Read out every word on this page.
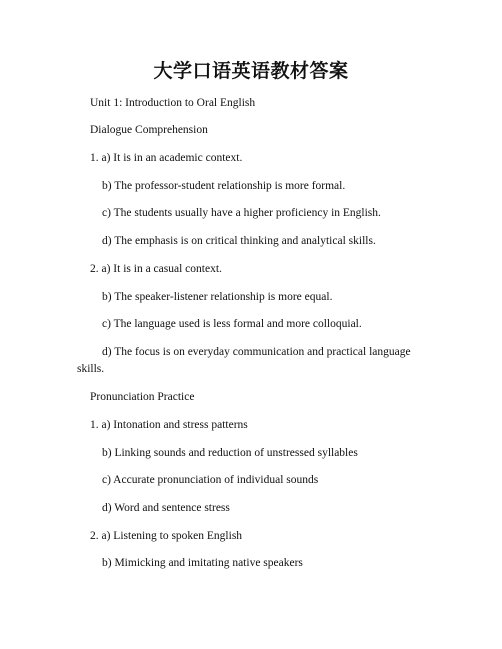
大学口语英语教材答案
Unit 1: Introduction to Oral English
Dialogue Comprehension
1. a) It is in an academic context.
b) The professor-student relationship is more formal.
c) The students usually have a higher proficiency in English.
d) The emphasis is on critical thinking and analytical skills.
2. a) It is in a casual context.
b) The speaker-listener relationship is more equal.
c) The language used is less formal and more colloquial.
d) The focus is on everyday communication and practical language
skills.
Pronunciation Practice
1. a) Intonation and stress patterns
b) Linking sounds and reduction of unstressed syllables
c) Accurate pronunciation of individual sounds
d) Word and sentence stress
2. a) Listening to spoken English
b) Mimicking and imitating native speakers
